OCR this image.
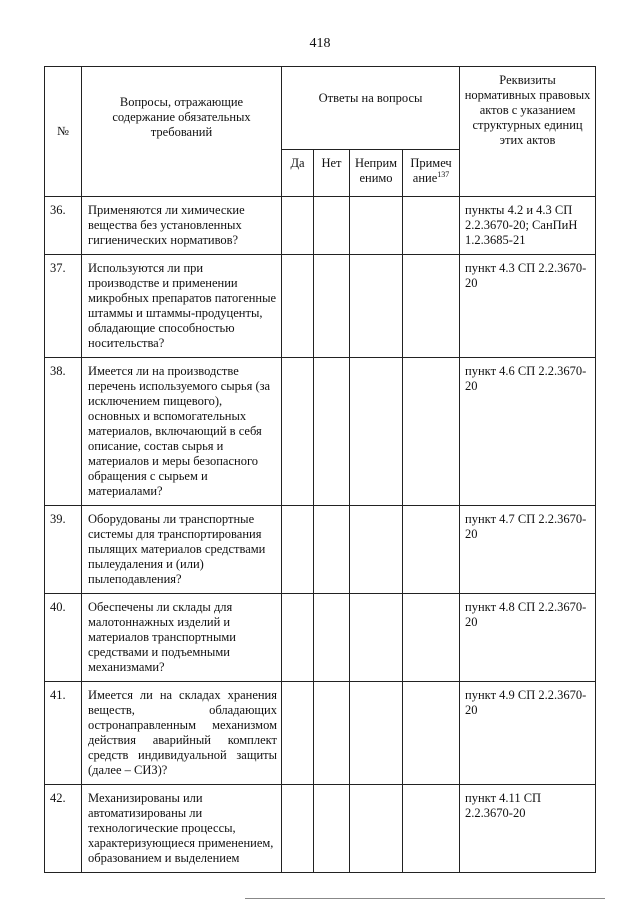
418
№	Вопросы, отражающие содержание обязательных требований	Ответы на вопросы				Реквизиты нормативных правовых актов с указанием структурных единиц этих актов
		Да	Нет	Неприм енимо	Примеч ание$^{137}$
36.	Применяются ли химические вещества без установленных гигиенических нормативов?					пункты 4.2 и 4.3 СП 2.2.3670-20; СанПиН 1.2.3685-21
37.	Используются ли при производстве и применении микробных препаратов патогенные штаммы и штаммы-продуценты, обладающие способностью носительства?					пункт 4.3 СП 2.2.3670-20
38.	Имеется ли на производстве перечень используемого сырья (за исключением пищевого), основных и вспомогательных материалов, включающий в себя описание, состав сырья и материалов и меры безопасного обращения с сырьем и материалами?					пункт 4.6 СП 2.2.3670-20
39.	Оборудованы ли транспортные системы для транспортирования пылящих материалов средствами пылеудаления и (или) пылеподавления?					пункт 4.7 СП 2.2.3670-20
40.	Обеспечены ли склады для малотоннажных изделий и материалов транспортными средствами и подъемными механизмами?					пункт 4.8 СП 2.2.3670-20
41.	Имеется ли на складах хранения веществ, обладающих остронаправленным механизмом действия аварийный комплект средств индивидуальной защиты (далее – СИЗ)?					пункт 4.9 СП 2.2.3670-20
42.	Механизированы или автоматизированы ли технологические процессы, характеризующиеся применением, образованием и выделением					пункт 4.11 СП 2.2.3670-20
